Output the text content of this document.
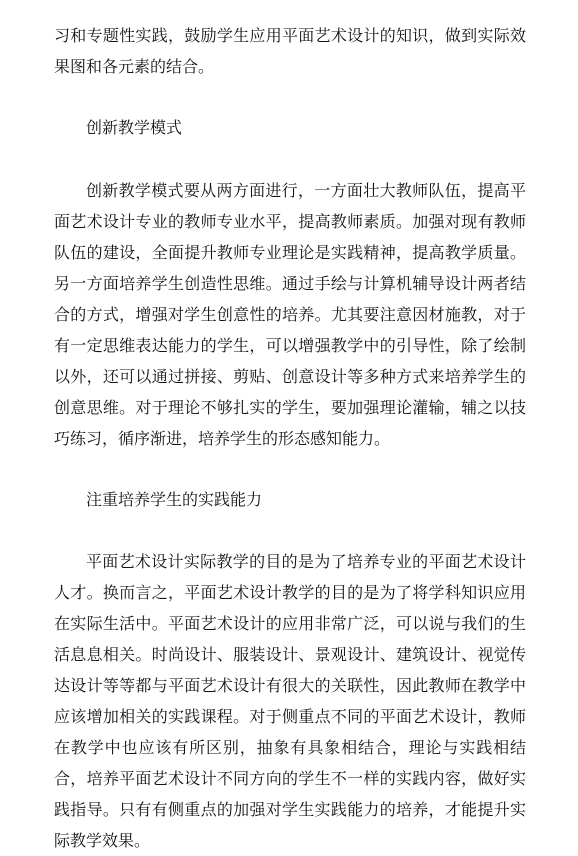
习和专题性实践，鼓励学生应用平面艺术设计的知识，做到实际效果图和各元素的结合。

创新教学模式

创新教学模式要从两方面进行，一方面壮大教师队伍，提高平面艺术设计专业的教师专业水平，提高教师素质。加强对现有教师队伍的建设，全面提升教师专业理论是实践精神，提高教学质量。另一方面培养学生创造性思维。通过手绘与计算机辅导设计两者结合的方式，增强对学生创意性的培养。尤其要注意因材施教，对于有一定思维表达能力的学生，可以增强教学中的引导性，除了绘制以外，还可以通过拼接、剪贴、创意设计等多种方式来培养学生的创意思维。对于理论不够扎实的学生，要加强理论灌输，辅之以技巧练习，循序渐进，培养学生的形态感知能力。

注重培养学生的实践能力

平面艺术设计实际教学的目的是为了培养专业的平面艺术设计人才。换而言之，平面艺术设计教学的目的是为了将学科知识应用在实际生活中。平面艺术设计的应用非常广泛，可以说与我们的生活息息相关。时尚设计、服装设计、景观设计、建筑设计、视觉传达设计等等都与平面艺术设计有很大的关联性，因此教师在教学中应该增加相关的实践课程。对于侧重点不同的平面艺术设计，教师在教学中也应该有所区别，抽象有具象相结合，理论与实践相结合，培养平面艺术设计不同方向的学生不一样的实践内容，做好实践指导。只有有侧重点的加强对学生实践能力的培养，才能提升实际教学效果。
